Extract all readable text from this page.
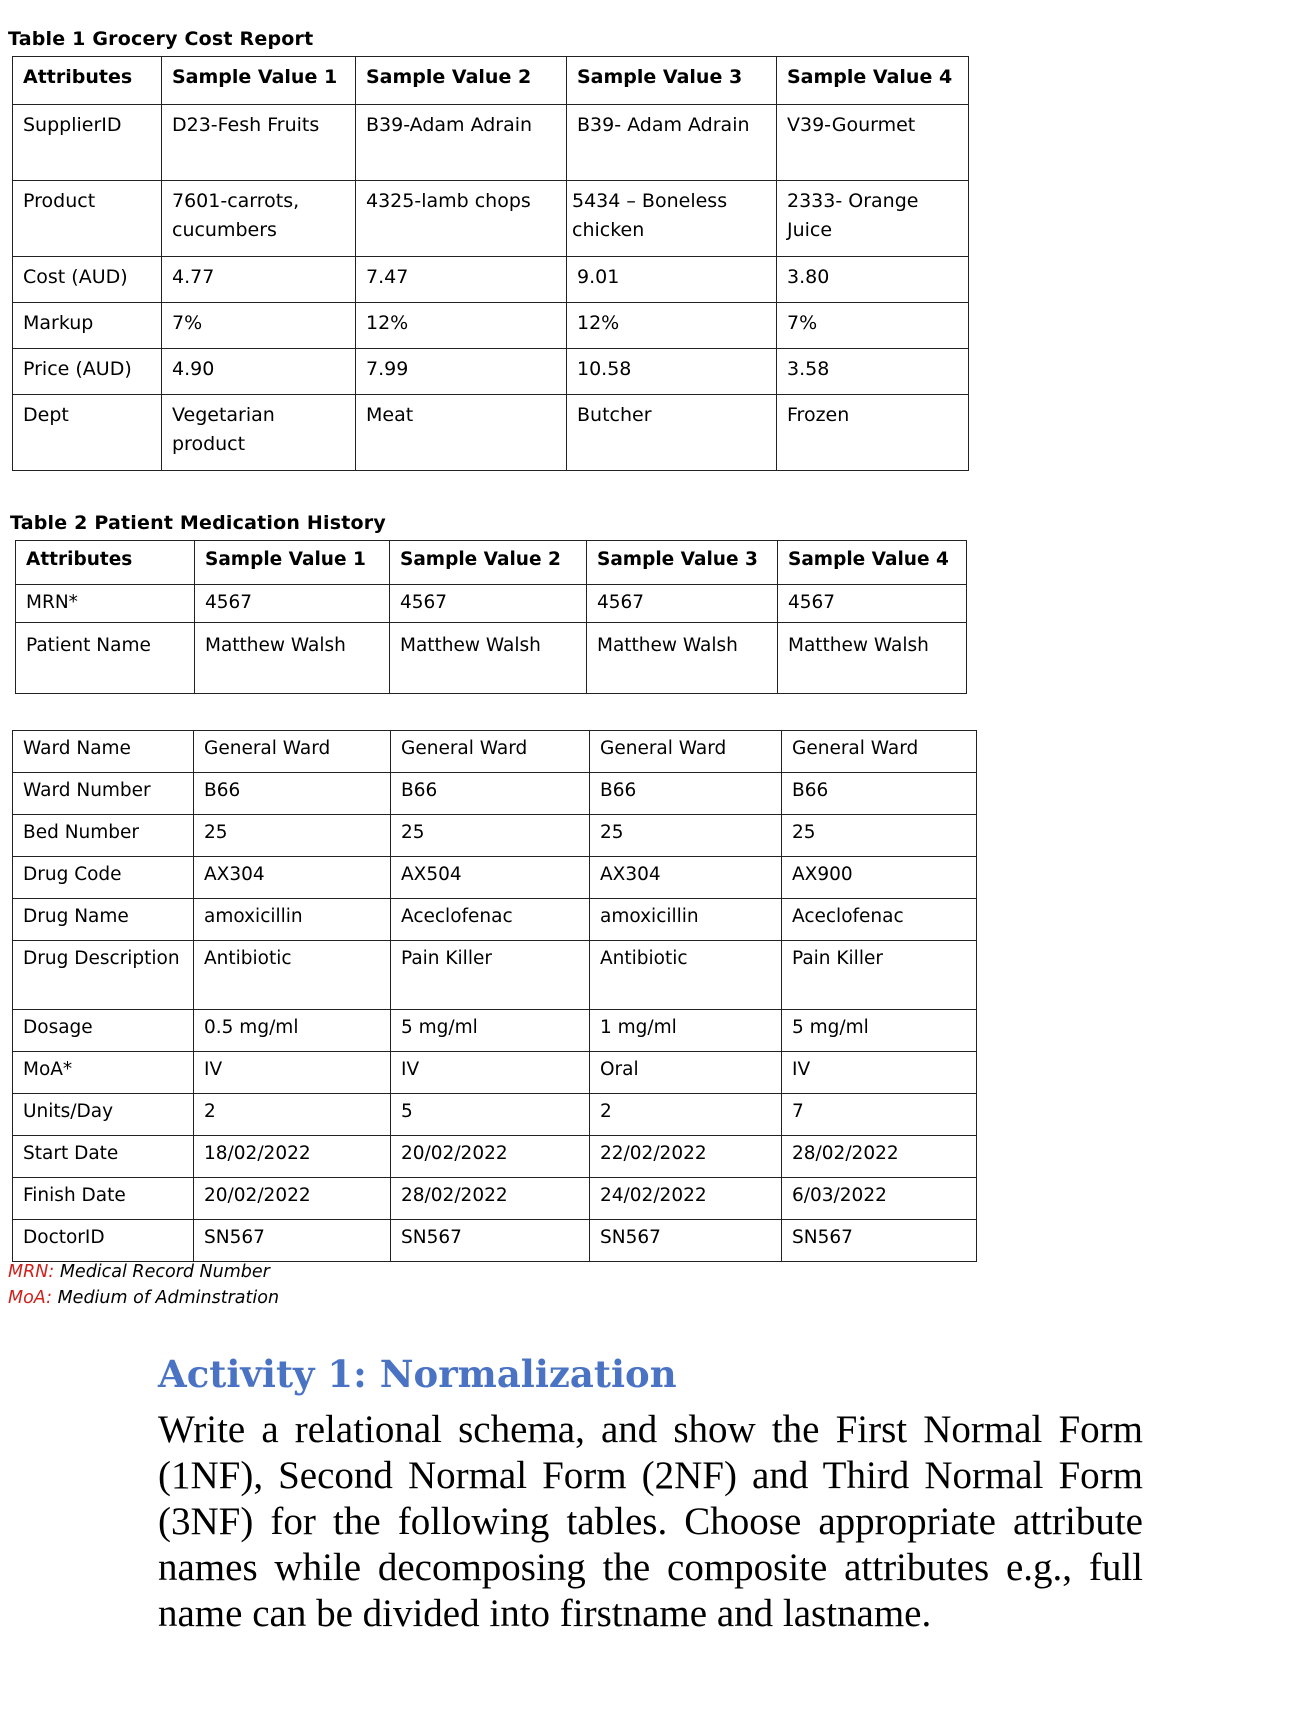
Table 1 Grocery Cost Report
Attributes	Sample Value 1	Sample Value 2	Sample Value 3	Sample Value 4
SupplierID	D23-Fesh Fruits	B39-Adam Adrain	B39- Adam Adrain	V39-Gourmet
Product	7601-carrots, cucumbers	4325-lamb chops	5434 – Boneless chicken	2333- Orange Juice
Cost (AUD)	4.77	7.47	9.01	3.80
Markup	7%	12%	12%	7%
Price (AUD)	4.90	7.99	10.58	3.58
Dept	Vegetarian product	Meat	Butcher	Frozen
Table 2 Patient Medication History
Attributes	Sample Value 1	Sample Value 2	Sample Value 3	Sample Value 4
MRN*	4567	4567	4567	4567
Patient Name	Matthew Walsh	Matthew Walsh	Matthew Walsh	Matthew Walsh
Ward Name	General Ward	General Ward	General Ward	General Ward
Ward Number	B66	B66	B66	B66
Bed Number	25	25	25	25
Drug Code	AX304	AX504	AX304	AX900
Drug Name	amoxicillin	Aceclofenac	amoxicillin	Aceclofenac
Drug Description	Antibiotic	Pain Killer	Antibiotic	Pain Killer
Dosage	0.5 mg/ml	5 mg/ml	1 mg/ml	5 mg/ml
MoA*	IV	IV	Oral	IV
Units/Day	2	5	2	7
Start Date	18/02/2022	20/02/2022	22/02/2022	28/02/2022
Finish Date	20/02/2022	28/02/2022	24/02/2022	6/03/2022
DoctorID	SN567	SN567	SN567	SN567
MRN: Medical Record Number
MoA: Medium of Adminstration
Activity 1: Normalization
Write a relational schema, and show the First Normal Form (1NF), Second Normal Form (2NF) and Third Normal Form (3NF) for the following tables. Choose appropriate attribute names while decomposing the composite attributes e.g., full name can be divided into firstname and lastname.
